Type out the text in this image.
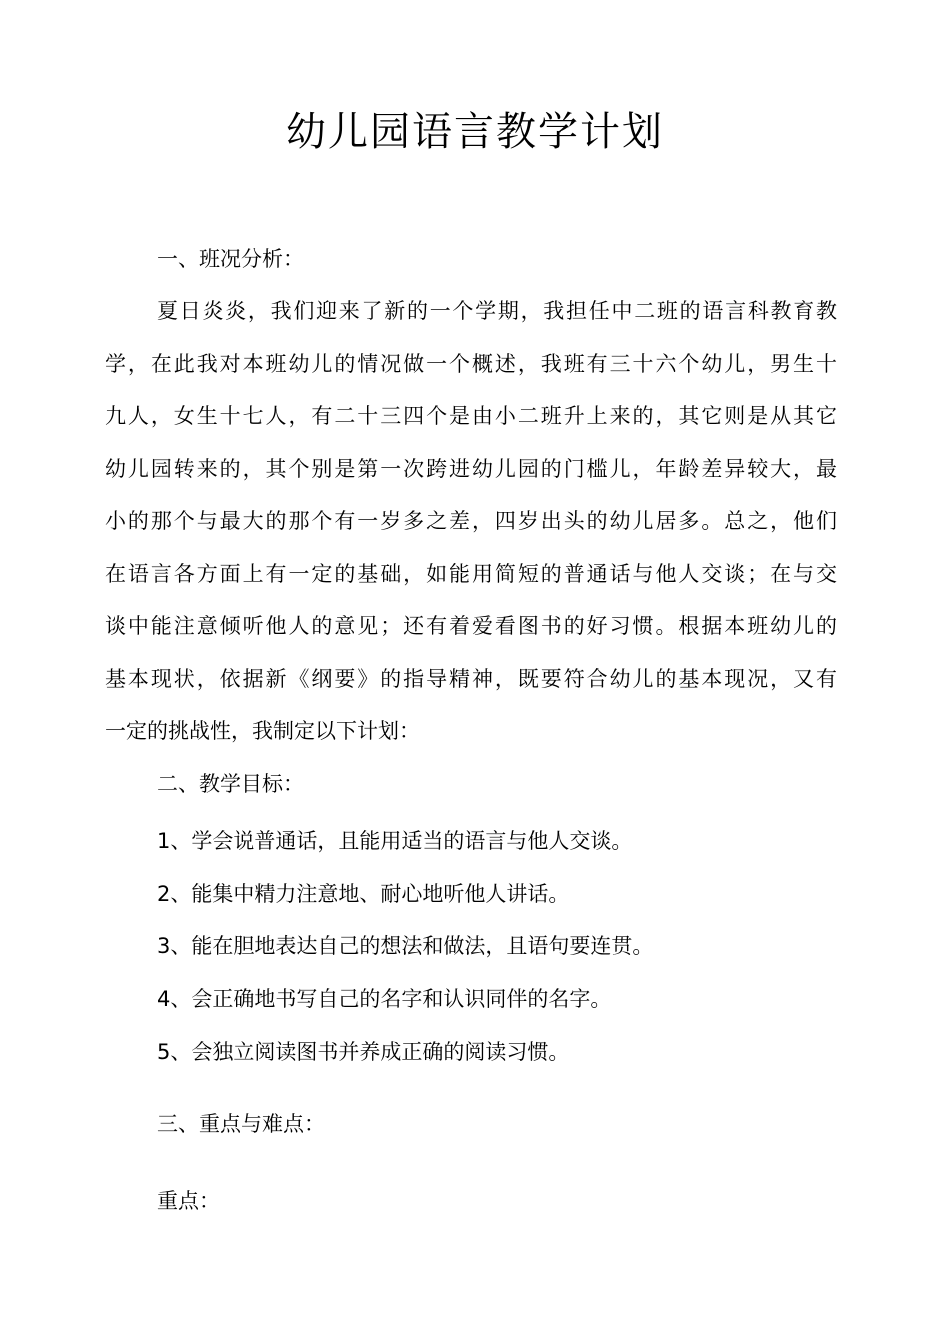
幼儿园语言教学计划
一、班况分析：
夏日炎炎，我们迎来了新的一个学期，我担任中二班的语言科教育教
学，在此我对本班幼儿的情况做一个概述，我班有三十六个幼儿，男生十
九人，女生十七人，有二十三四个是由小二班升上来的，其它则是从其它
幼儿园转来的，其个别是第一次跨进幼儿园的门槛儿，年龄差异较大，最
小的那个与最大的那个有一岁多之差，四岁出头的幼儿居多。总之，他们
在语言各方面上有一定的基础，如能用简短的普通话与他人交谈；在与交
谈中能注意倾听他人的意见；还有着爱看图书的好习惯。根据本班幼儿的
基本现状，依据新《纲要》的指导精神，既要符合幼儿的基本现况，又有
一定的挑战性，我制定以下计划：
二、教学目标：
1、学会说普通话，且能用适当的语言与他人交谈。
2、能集中精力注意地、耐心地听他人讲话。
3、能在胆地表达自己的想法和做法，且语句要连贯。
4、会正确地书写自己的名字和认识同伴的名字。
5、会独立阅读图书并养成正确的阅读习惯。
三、重点与难点：
重点：
